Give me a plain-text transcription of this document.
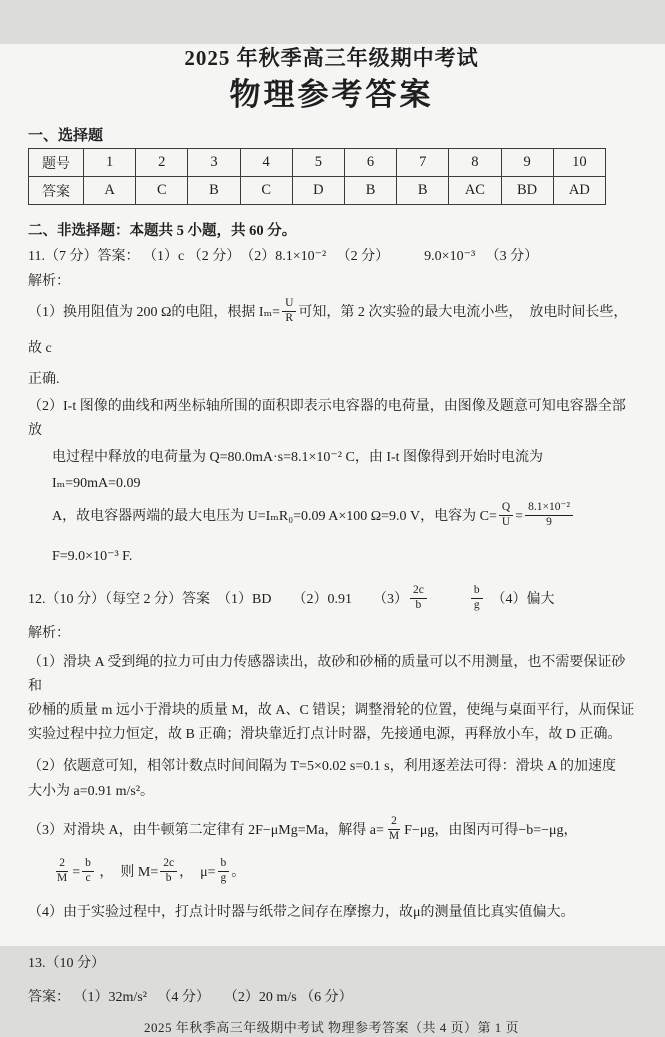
2025 年秋季高三年级期中考试
物理参考答案
一、选择题
题号	1	2	3	4	5	6	7	8	9	10
答案	A	C	B	C	D	B	B	AC	BD	AD
二、非选择题：本题共 5 小题，共 60 分。
11.（7 分）答案： （1）c （2 分）　（2）8.1×10⁻² 　（2 分）　　　9.0×10⁻³ 　（3 分）
解析：
（1）换用阻值为 200 Ω的电阻，根据 $I_m= \frac{U}{R}$ 可知，第 2 次实验的最大电流小些，　放电时间长些，故 c
正确.
（2）I-t 图像的曲线和两坐标轴所围的面积即表示电容器的电荷量，由图像及题意可知电容器全部放
电过程中释放的电荷量为 Q=80.0mA·s=8.1×10⁻² C，由 I-t 图像得到开始时电流为 Iₘ=90mA=0.09
A，故电容器两端的最大电压为 U=IₘR₀=0.09 A×100 Ω=9.0 V，电容为 $C= \frac{Q}{U} = \frac{\text{8.1×10⁻²}}{9} F=9.0\times 10^{-3}$ F.
12.（10 分）（每空 2 分）答案　（1）BD　　（2）0.91　　$(3) \frac{2c}{b}$	$\frac{b}{g}$ 　（4）偏大
解析：
（1）滑块 A 受到绳的拉力可由力传感器读出，故砂和砂桶的质量可以不用测量，也不需要保证砂和
砂桶的质量 m 远小于滑块的质量 M，故 A、C 错误；调整滑轮的位置，使绳与桌面平行，从而保证
实验过程中拉力恒定，故 B 正确；滑块靠近打点计时器，先接通电源，再释放小车，故 D 正确。
（2）依题意可知，相邻计数点时间间隔为 T=5×0.02 s=0.1 s，利用逐差法可得：滑块 A 的加速度
大小为 a=0.91 m/s²。
（3）对滑块 A，由牛顿第二定律有 2F−μMg=Ma，解得 $a= \frac{2}{M} F-\mu g$，由图丙可得−b=−μg，
$\frac{2}{M} = \frac{b}{c}$ ，　则 $M= \frac{2c}{b}$ ，　$\mu= \frac{b}{g}$ 。
（4）由于实验过程中，打点计时器与纸带之间存在摩擦力，故μ的测量值比真实值偏大。
13.（10 分）
答案： （1）32m/s² 　（4 分）　　（2）20 m/s （6 分）
2025 年秋季高三年级期中考试 物理参考答案（共 4 页）第 1 页
